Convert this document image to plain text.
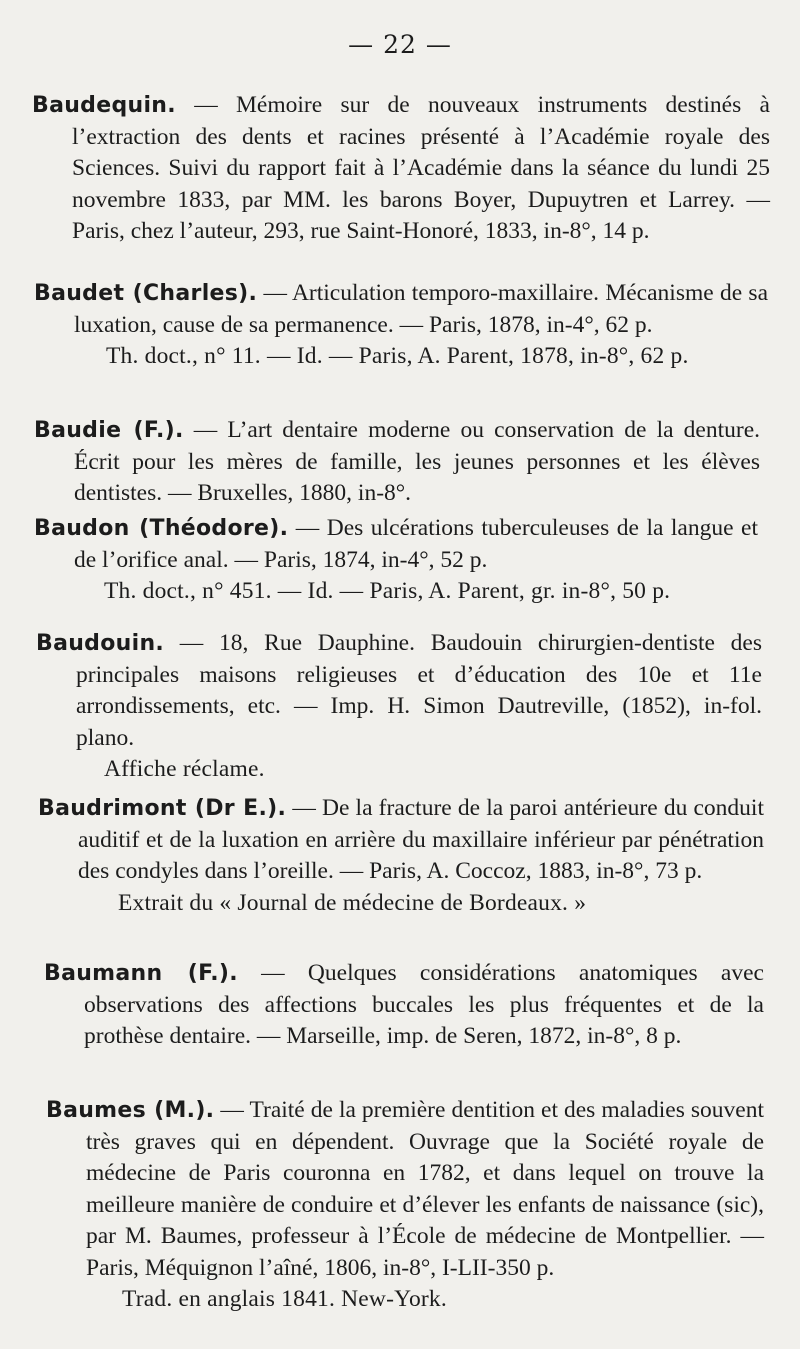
— 22 —

Baudequin. — Mémoire sur de nouveaux instruments destinés à l’extraction des dents et racines présenté à l’Académie royale des Sciences. Suivi du rapport fait à l’Académie dans la séance du lundi 25 novembre 1833, par MM. les barons Boyer, Dupuytren et Larrey. — Paris, chez l’auteur, 293, rue Saint-Honoré, 1833, in-8°, 14 p.

Baudet (Charles). — Articulation temporo-maxillaire. Mécanisme de sa luxation, cause de sa permanence. — Paris, 1878, in-4°, 62 p.

Th. doct., n° 11. — Id. — Paris, A. Parent, 1878, in-8°, 62 p.

Baudie (F.). — L’art dentaire moderne ou conservation de la denture. Écrit pour les mères de famille, les jeunes personnes et les élèves dentistes. — Bruxelles, 1880, in-8°.

Baudon (Théodore). — Des ulcérations tuberculeuses de la langue et de l’orifice anal. — Paris, 1874, in-4°, 52 p.

Th. doct., n° 451. — Id. — Paris, A. Parent, gr. in-8°, 50 p.

Baudouin. — 18, Rue Dauphine. Baudouin chirurgien-dentiste des principales maisons religieuses et d’éducation des 10e et 11e arrondissements, etc. — Imp. H. Simon Dautreville, (1852), in-fol. plano.

Affiche réclame.

Baudrimont (Dr E.). — De la fracture de la paroi antérieure du conduit auditif et de la luxation en arrière du maxillaire inférieur par pénétration des condyles dans l’oreille. — Paris, A. Coccoz, 1883, in-8°, 73 p.

Extrait du « Journal de médecine de Bordeaux. »

Baumann (F.). — Quelques considérations anatomiques avec observations des affections buccales les plus fréquentes et de la prothèse dentaire. — Marseille, imp. de Seren, 1872, in-8°, 8 p.

Baumes (M.). — Traité de la première dentition et des maladies souvent très graves qui en dépendent. Ouvrage que la Société royale de médecine de Paris couronna en 1782, et dans lequel on trouve la meilleure manière de conduire et d’élever les enfants de naissance (sic), par M. Baumes, professeur à l’École de médecine de Montpellier. — Paris, Méquignon l’aîné, 1806, in-8°, I-LII-350 p.

Trad. en anglais 1841. New-York.
